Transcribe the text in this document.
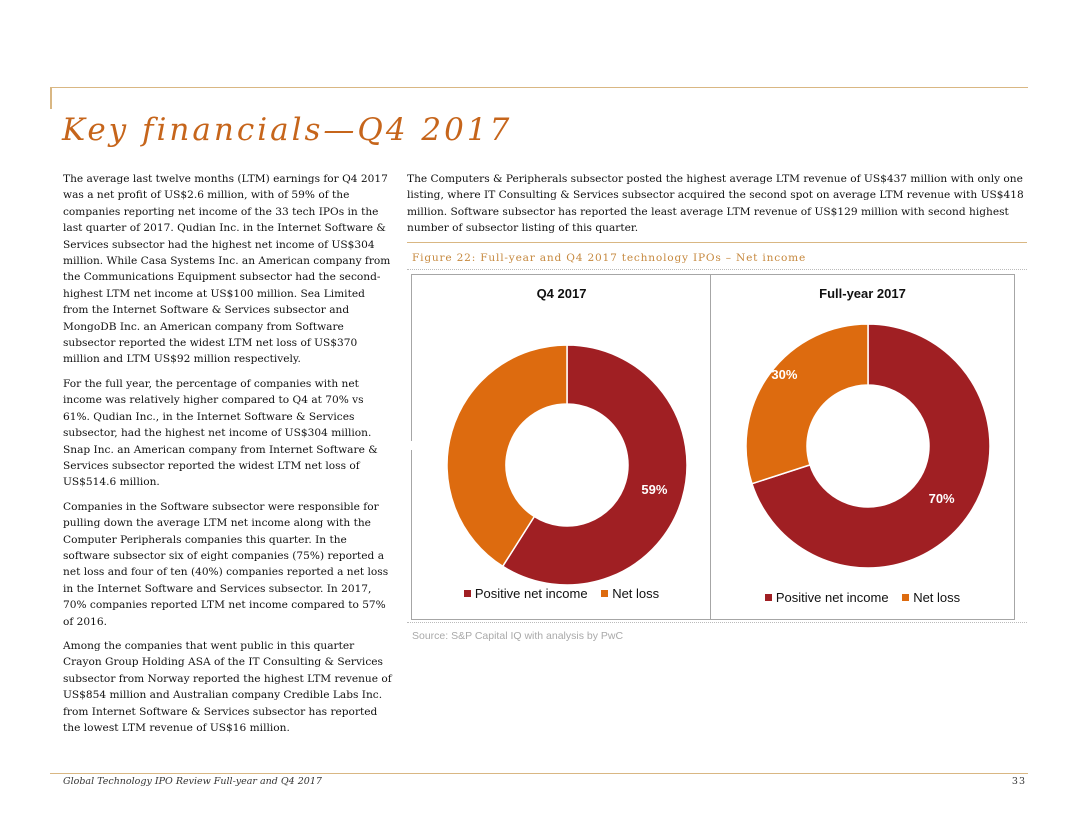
Key financials—Q4 2017

The average last twelve months (LTM) earnings for Q4 2017 was a net profit of US$2.6 million, with of 59% of the companies reporting net income of the 33 tech IPOs in the last quarter of 2017. Qudian Inc. in the Internet Software & Services subsector had the highest net income of US$304 million. While Casa Systems Inc. an American company from the Communications Equipment subsector had the second-highest LTM net income at US$100 million. Sea Limited from the Internet Software & Services subsector and MongoDB Inc. an American company from Software subsector reported the widest LTM net loss of US$370 million and LTM US$92 million respectively.

For the full year, the percentage of companies with net income was relatively higher compared to Q4 at 70% vs 61%. Qudian Inc., in the Internet Software & Services subsector, had the highest net income of US$304 million. Snap Inc. an American company from Internet Software & Services subsector reported the widest LTM net loss of US$514.6 million.

Companies in the Software subsector were responsible for pulling down the average LTM net income along with the Computer Peripherals companies this quarter. In the software subsector six of eight companies (75%) reported a net loss and four of ten (40%) companies reported a net loss in the Internet Software and Services subsector. In 2017, 70% companies reported LTM net income compared to 57% of 2016.

Among the companies that went public in this quarter Crayon Group Holding ASA of the IT Consulting & Services subsector from Norway reported the highest LTM revenue of US$854 million and Australian company Credible Labs Inc. from Internet Software & Services subsector has reported the lowest LTM revenue of US$16 million.

The Computers & Peripherals subsector posted the highest average LTM revenue of US$437 million with only one listing, where IT Consulting & Services subsector acquired the second spot on average LTM revenue with US$418 million. Software subsector has reported the least average LTM revenue of US$129 million with second highest number of subsector listing of this quarter.

Figure 22: Full-year and Q4 2017 technology IPOs – Net income
Q4 2017
59%
41%
Positive net income Net loss
Full-year 2017
70%
30%
Positive net income Net loss
Source: S&P Capital IQ with analysis by PwC
Global Technology IPO Review Full-year and Q4 2017	33
